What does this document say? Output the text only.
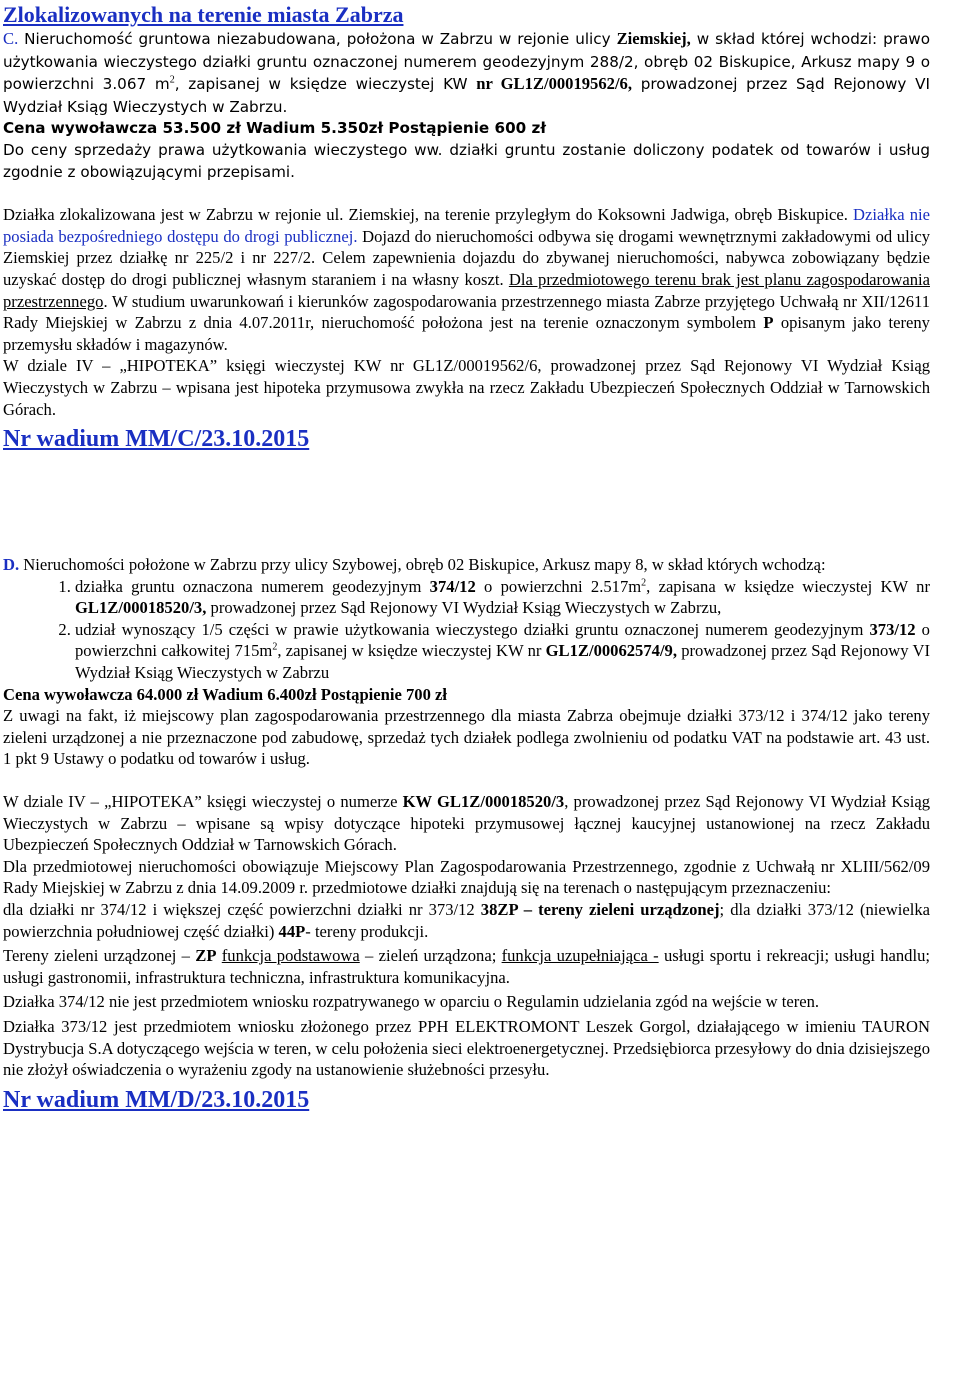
Zlokalizowanych na terenie miasta Zabrza

C. Nieruchomość gruntowa niezabudowana, położona w Zabrzu w rejonie ulicy Ziemskiej, w skład której wchodzi: prawo użytkowania wieczystego działki gruntu oznaczonej numerem geodezyjnym 288/2, obręb 02 Biskupice, Arkusz mapy 9 o powierzchni 3.067 $m^2$, zapisanej w księdze wieczystej KW nr GL1Z/00019562/6, prowadzonej przez Sąd Rejonowy VI Wydział Ksiąg Wieczystych w Zabrzu.

Cena wywoławcza 53.500 zł Wadium 5.350zł Postąpienie 600 zł

Do ceny sprzedaży prawa użytkowania wieczystego ww. działki gruntu zostanie doliczony podatek od towarów i usług zgodnie z obowiązującymi przepisami.

Działka zlokalizowana jest w Zabrzu w rejonie ul. Ziemskiej, na terenie przyległym do Koksowni Jadwiga, obręb Biskupice. Działka nie posiada bezpośredniego dostępu do drogi publicznej. Dojazd do nieruchomości odbywa się drogami wewnętrznymi zakładowymi od ulicy Ziemskiej przez działkę nr 225/2 i nr 227/2. Celem zapewnienia dojazdu do zbywanej nieruchomości, nabywca zobowiązany będzie uzyskać dostęp do drogi publicznej własnym staraniem i na własny koszt. Dla przedmiotowego terenu brak jest planu zagospodarowania przestrzennego. W studium uwarunkowań i kierunków zagospodarowania przestrzennego miasta Zabrze przyjętego Uchwałą nr XII/12611 Rady Miejskiej w Zabrzu z dnia 4.07.2011r, nieruchomość położona jest na terenie oznaczonym symbolem P opisanym jako tereny przemysłu składów i magazynów.

W dziale IV – „HIPOTEKA” księgi wieczystej KW nr GL1Z/00019562/6, prowadzonej przez Sąd Rejonowy VI Wydział Ksiąg Wieczystych w Zabrzu – wpisana jest hipoteka przymusowa zwykła na rzecz Zakładu Ubezpieczeń Społecznych Oddział w Tarnowskich Górach.

Nr wadium MM/C/23.10.2015

D. Nieruchomości położone w Zabrzu przy ulicy Szybowej, obręb 02 Biskupice, Arkusz mapy 8, w skład których wchodzą:

1. działka gruntu oznaczona numerem geodezyjnym 374/12 o powierzchni $2.517m^2$, zapisana w księdze wieczystej KW nr GL1Z/00018520/3, prowadzonej przez Sąd Rejonowy VI Wydział Ksiąg Wieczystych w Zabrzu,
2. udział wynoszący 1/5 części w prawie użytkowania wieczystego działki gruntu oznaczonej numerem geodezyjnym 373/12 o powierzchni całkowitej $715m^2$, zapisanej w księdze wieczystej KW nr GL1Z/00062574/9, prowadzonej przez Sąd Rejonowy VI Wydział Ksiąg Wieczystych w Zabrzu

Cena wywoławcza 64.000 zł Wadium 6.400zł Postąpienie 700 zł

Z uwagi na fakt, iż miejscowy plan zagospodarowania przestrzennego dla miasta Zabrza obejmuje działki 373/12 i 374/12 jako tereny zieleni urządzonej a nie przeznaczone pod zabudowę, sprzedaż tych działek podlega zwolnieniu od podatku VAT na podstawie art. 43 ust. 1 pkt 9 Ustawy o podatku od towarów i usług.

W dziale IV – „HIPOTEKA” księgi wieczystej o numerze KW GL1Z/00018520/3, prowadzonej przez Sąd Rejonowy VI Wydział Ksiąg Wieczystych w Zabrzu – wpisane są wpisy dotyczące hipoteki przymusowej łącznej kaucyjnej ustanowionej na rzecz Zakładu Ubezpieczeń Społecznych Oddział w Tarnowskich Górach.

Dla przedmiotowej nieruchomości obowiązuje Miejscowy Plan Zagospodarowania Przestrzennego, zgodnie z Uchwałą nr XLIII/562/09 Rady Miejskiej w Zabrzu z dnia 14.09.2009 r. przedmiotowe działki znajdują się na terenach o następującym przeznaczeniu:

dla działki nr 374/12 i większej część powierzchni działki nr 373/12 38ZP – tereny zieleni urządzonej; dla działki 373/12 (niewielka powierzchnia południowej część działki) 44P- tereny produkcji.

Tereny zieleni urządzonej – ZP funkcja podstawowa – zieleń urządzona; funkcja uzupełniająca - usługi sportu i rekreacji; usługi handlu; usługi gastronomii, infrastruktura techniczna, infrastruktura komunikacyjna.

Działka 374/12 nie jest przedmiotem wniosku rozpatrywanego w oparciu o Regulamin udzielania zgód na wejście w teren.

Działka 373/12 jest przedmiotem wniosku złożonego przez PPH ELEKTROMONT Leszek Gorgol, działającego w imieniu TAURON Dystrybucja S.A dotyczącego wejścia w teren, w celu położenia sieci elektroenergetycznej. Przedsiębiorca przesyłowy do dnia dzisiejszego nie złożył oświadczenia o wyrażeniu zgody na ustanowienie służebności przesyłu.

Nr wadium MM/D/23.10.2015
